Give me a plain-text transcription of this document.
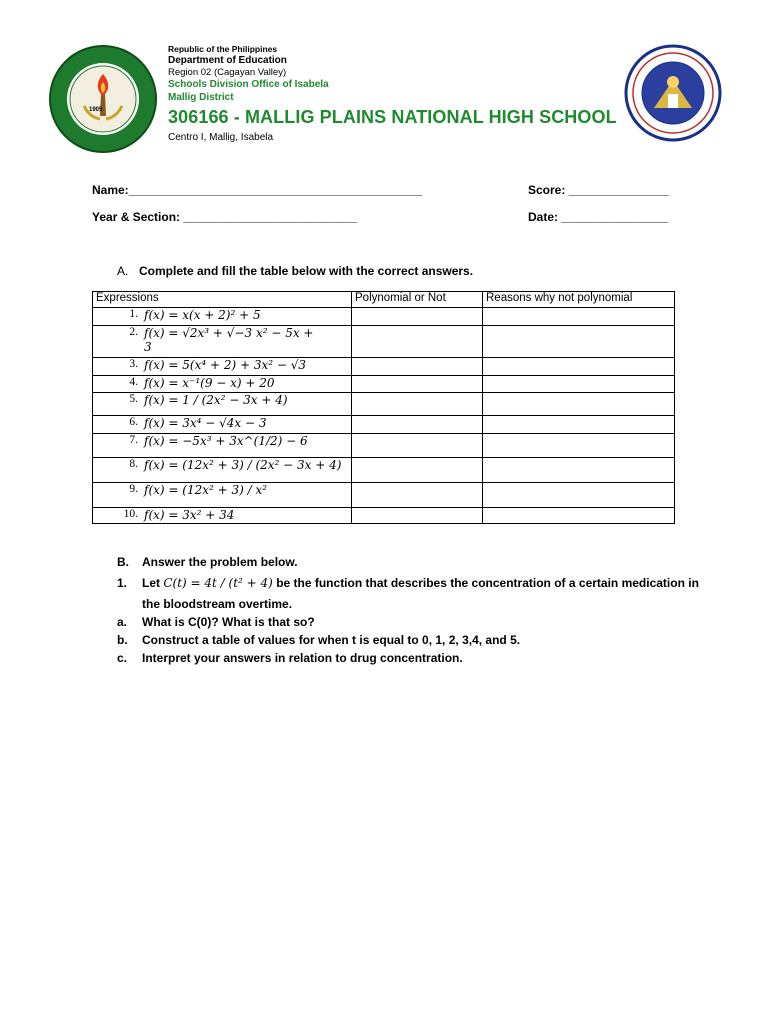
1905
Republic of the Philippines
Department of Education
Region 02 (Cagayan Valley)
Schools Division Office of Isabela
Mallig District
306166 - MALLIG PLAINS NATIONAL HIGH SCHOOL
Centro I, Mallig, Isabela
Name:____________________________________________	Score: _______________
Year & Section: __________________________	Date: ________________
A. Complete and fill the table below with the correct answers.
Expressions	Polynomial or Not	Reasons why not polynomial

1. f(x) = x(x + 2)² + 5		

2. f(x) = √2x³ + √−3 x² − 5x +
3		

3. f(x) = 5(x⁴ + 2) + 3x² − √3		

4. f(x) = x⁻¹(9 − x) + 20		

5. f(x) = 1 / (2x² − 3x + 4)		

6. f(x) = 3x⁴ − √4x − 3		

7. f(x) = −5x³ + 3x^(1/2) − 6		

8. f(x) = (12x² + 3) / (2x² − 3x + 4)		

9. f(x) = (12x² + 3) / x²		

10. f(x) = 3x² + 34		

B. Answer the problem below.
1. Let C(t) = 4t / (t² + 4) be the function that describes the concentration of a certain medication in
the bloodstream overtime.
a. What is C(0)? What is that so?
b. Construct a table of values for when t is equal to 0, 1, 2, 3,4, and 5.
c. Interpret your answers in relation to drug concentration.
